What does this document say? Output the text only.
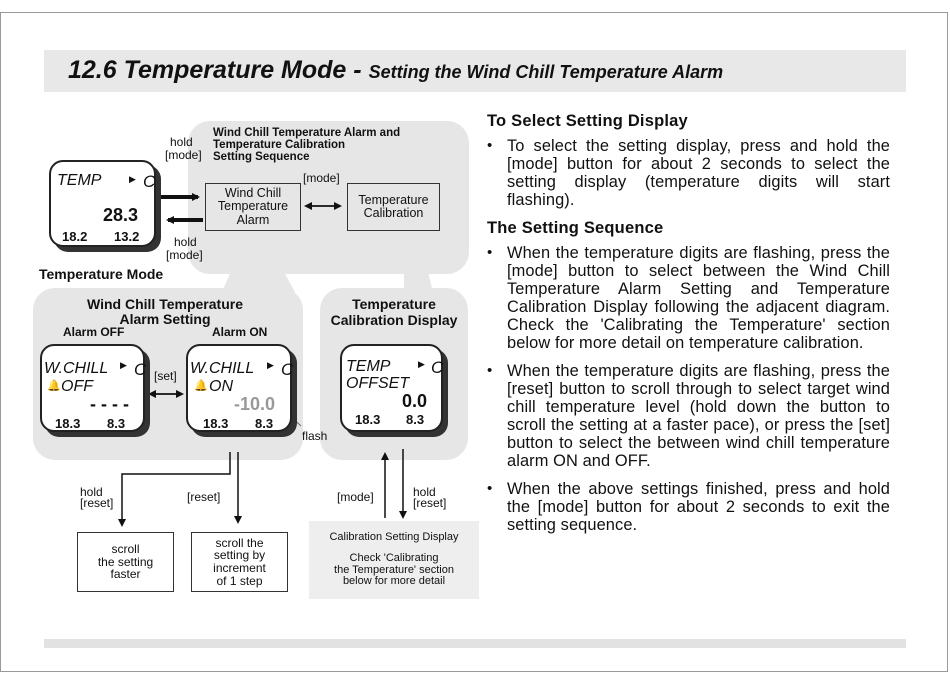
12.6 Temperature Mode - Setting the Wind Chill Temperature Alarm
Wind Chill Temperature Alarm and
Temperature Calibration
Setting Sequence
hold
[mode]
hold
[mode]
[mode]
Wind Chill
Temperature
Alarm
Temperature
Calibration
TEMP	▶ C
28.3
18.2 13.2
Temperature Mode
Wind Chill Temperature
Alarm Setting
Alarm OFF	Alarm ON
W.CHILL ▶ C
🔔 OFF
- - - -
18.3 8.3
[set] W.CHILL ▶ C
🔔 ON
-10.0
18.3 8.3
flash
Temperature
Calibration Display
TEMP	▶ C
OFFSET
0.0
18.3 8.3
hold
[reset]	[reset]	[mode]	hold
[reset]
scroll
the setting
faster
scroll the
setting by
increment
of 1 step
Calibration Setting Display
Check 'Calibrating
the Temperature' section
below for more detail
To Select Setting Display
• To select the setting display, press and hold the [mode] button for about 2 seconds to select the setting display (temperature digits will start flashing).
The Setting Sequence
• When the temperature digits are flashing, press the [mode] button to select between the Wind Chill Temperature Alarm Setting and Temperature Calibration Display following the adjacent diagram. Check the 'Calibrating the Temperature' section below for more detail on temperature calibration.
• When the temperature digits are flashing, press the [reset] button to scroll through to select target wind chill temperature level (hold down the button to scroll the setting at a faster pace), or press the [set] button to select the between wind chill temperature alarm ON and OFF.
• When the above settings finished, press and hold the [mode] button for about 2 seconds to exit the setting sequence.
